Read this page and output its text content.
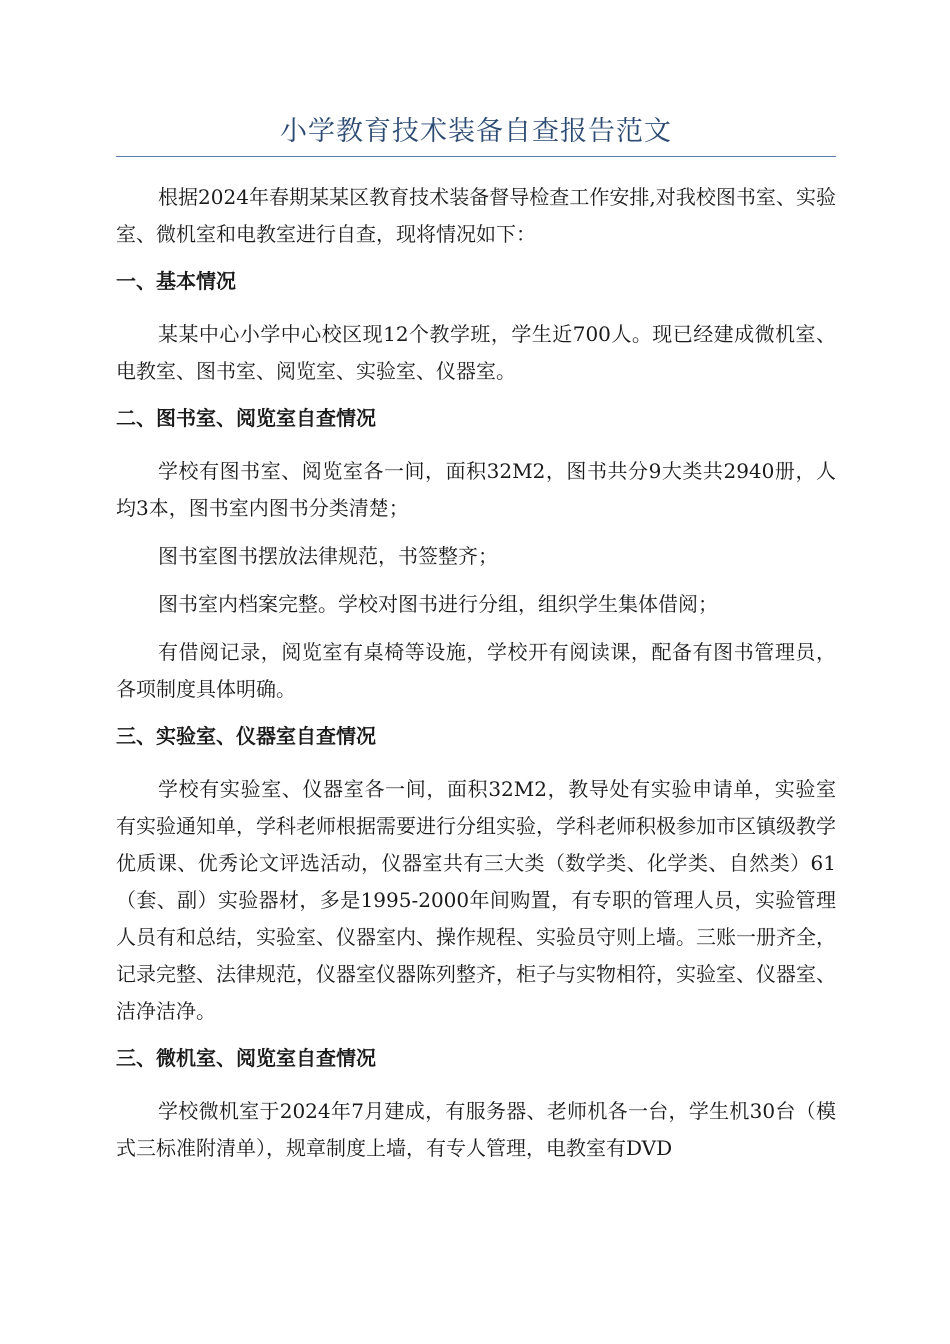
小学教育技术装备自查报告范文

根据2024年春期某某区教育技术装备督导检查工作安排,对我校图书室、实验室、微机室和电教室进行自查，现将情况如下：

一、基本情况

某某中心小学中心校区现12个教学班，学生近700人。现已经建成微机室、电教室、图书室、阅览室、实验室、仪器室。

二、图书室、阅览室自查情况

学校有图书室、阅览室各一间，面积32M2，图书共分9大类共2940册，人均3本，图书室内图书分类清楚；

图书室图书摆放法律规范，书签整齐；

图书室内档案完整。学校对图书进行分组，组织学生集体借阅；

有借阅记录，阅览室有桌椅等设施，学校开有阅读课，配备有图书管理员，各项制度具体明确。

三、实验室、仪器室自查情况

学校有实验室、仪器室各一间，面积32M2，教导处有实验申请单，实验室有实验通知单，学科老师根据需要进行分组实验，学科老师积极参加市区镇级教学优质课、优秀论文评选活动，仪器室共有三大类（数学类、化学类、自然类）61（套、副）实验器材，多是1995-2000年间购置，有专职的管理人员，实验管理人员有和总结，实验室、仪器室内、操作规程、实验员守则上墙。三账一册齐全，记录完整、法律规范，仪器室仪器陈列整齐，柜子与实物相符，实验室、仪器室、洁净洁净。

三、微机室、阅览室自查情况

学校微机室于2024年7月建成，有服务器、老师机各一台，学生机30台（模式三标准附清单），规章制度上墙，有专人管理，电教室有DVD
